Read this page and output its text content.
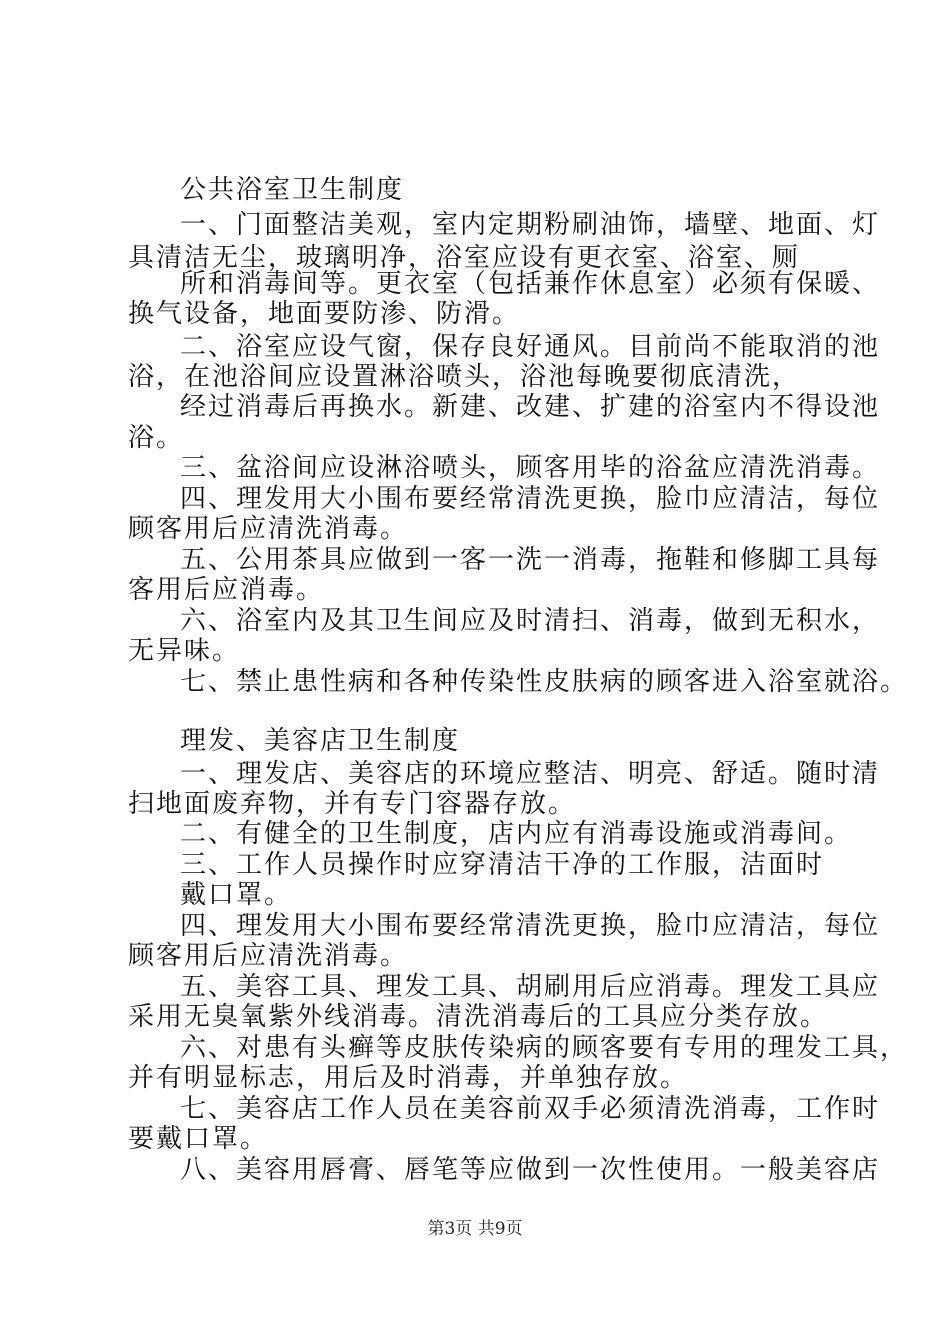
公共浴室卫生制度
一、门面整洁美观，室内定期粉刷油饰，墙壁、地面、灯
具清洁无尘，玻璃明净，浴室应设有更衣室、浴室、厕
所和消毒间等。更衣室（包括兼作休息室）必须有保暖、
换气设备，地面要防渗、防滑。
二、浴室应设气窗，保存良好通风。目前尚不能取消的池
浴，在池浴间应设置淋浴喷头，浴池每晚要彻底清洗，
经过消毒后再换水。新建、改建、扩建的浴室内不得设池
浴。
三、盆浴间应设淋浴喷头，顾客用毕的浴盆应清洗消毒。
四、理发用大小围布要经常清洗更换，脸巾应清洁，每位
顾客用后应清洗消毒。
五、公用茶具应做到一客一洗一消毒，拖鞋和修脚工具每
客用后应消毒。
六、浴室内及其卫生间应及时清扫、消毒，做到无积水，
无异味。
七、禁止患性病和各种传染性皮肤病的顾客进入浴室就浴。
理发、美容店卫生制度
一、理发店、美容店的环境应整洁、明亮、舒适。随时清
扫地面废弃物，并有专门容器存放。
二、有健全的卫生制度，店内应有消毒设施或消毒间。
三、工作人员操作时应穿清洁干净的工作服，洁面时
戴口罩。
四、理发用大小围布要经常清洗更换，脸巾应清洁，每位
顾客用后应清洗消毒。
五、美容工具、理发工具、胡刷用后应消毒。理发工具应
采用无臭氧紫外线消毒。清洗消毒后的工具应分类存放。
六、对患有头癣等皮肤传染病的顾客要有专用的理发工具，
并有明显标志，用后及时消毒，并单独存放。
七、美容店工作人员在美容前双手必须清洗消毒，工作时
要戴口罩。
八、美容用唇膏、唇笔等应做到一次性使用。一般美容店
第3页 共9页
